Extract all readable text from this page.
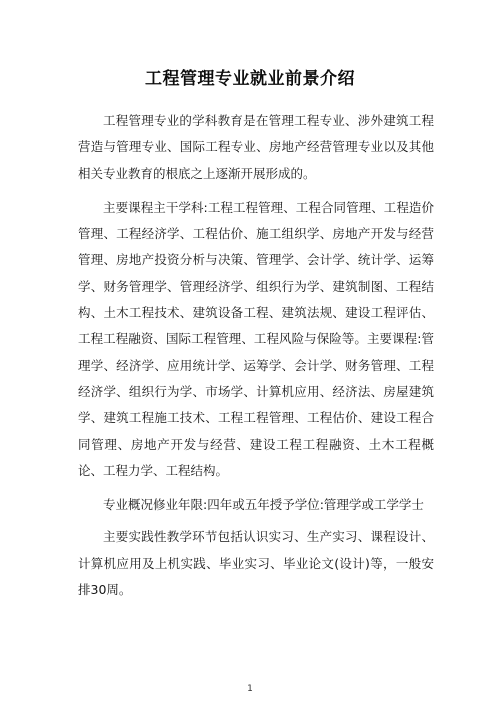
工程管理专业就业前景介绍

工程管理专业的学科教育是在管理工程专业、涉外建筑工程营造与管理专业、国际工程专业、房地产经营管理专业以及其他相关专业教育的根底之上逐渐开展形成的。

主要课程主干学科:工程工程管理、工程合同管理、工程造价管理、工程经济学、工程估价、施工组织学、房地产开发与经营管理、房地产投资分析与决策、管理学、会计学、统计学、运筹学、财务管理学、管理经济学、组织行为学、建筑制图、工程结构、土木工程技术、建筑设备工程、建筑法规、建设工程评估、工程工程融资、国际工程管理、工程风险与保险等。主要课程:管理学、经济学、应用统计学、运筹学、会计学、财务管理、工程经济学、组织行为学、市场学、计算机应用、经济法、房屋建筑学、建筑工程施工技术、工程工程管理、工程估价、建设工程合同管理、房地产开发与经营、建设工程工程融资、土木工程概论、工程力学、工程结构。

专业概况修业年限:四年或五年授予学位:管理学或工学学士

主要实践性教学环节包括认识实习、生产实习、课程设计、计算机应用及上机实践、毕业实习、毕业论文(设计)等，一般安排30周。

1
